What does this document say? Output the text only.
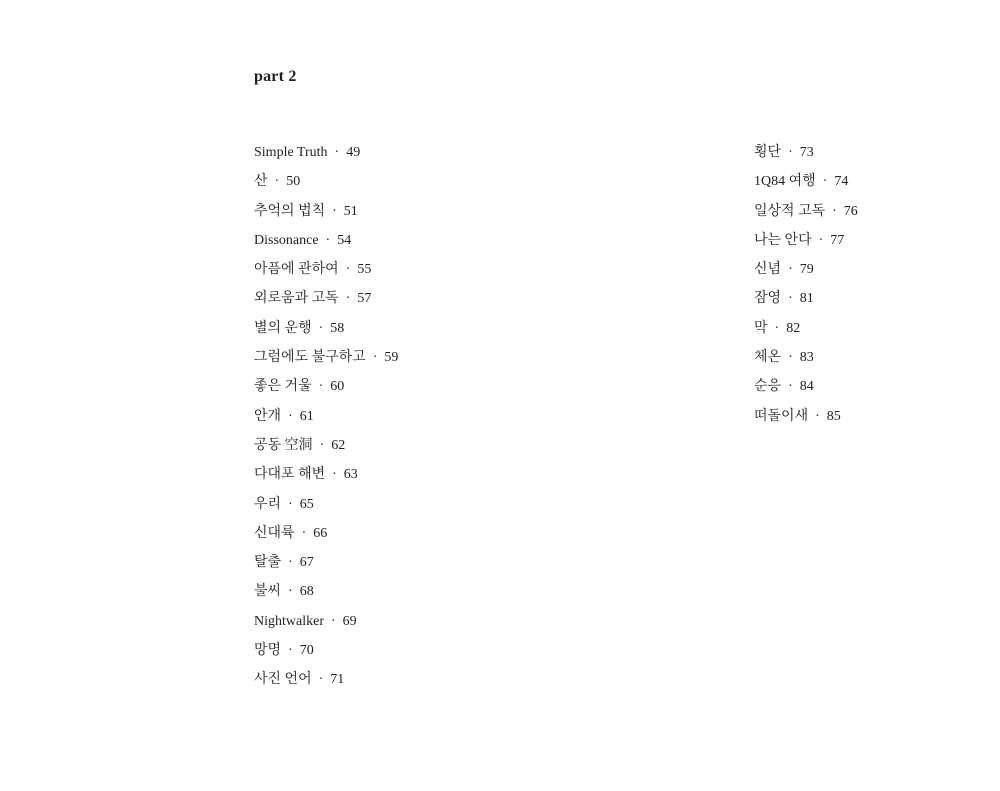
part 2
Simple Truth · 49
산 · 50
추억의 법칙 · 51
Dissonance · 54
아픔에 관하여 · 55
외로움과 고독 · 57
별의 운행 · 58
그럼에도 불구하고 · 59
좋은 거울 · 60
안개 · 61
공동 空洞 · 62
다대포 해변 · 63
우리 · 65
신대륙 · 66
탈출 · 67
불씨 · 68
Nightwalker · 69
망명 · 70
사진 언어 · 71
횡단 · 73
1Q84 여행 · 74
일상적 고독 · 76
나는 안다 · 77
신념 · 79
잠영 · 81
막 · 82
체온 · 83
순응 · 84
떠돌이새 · 85
